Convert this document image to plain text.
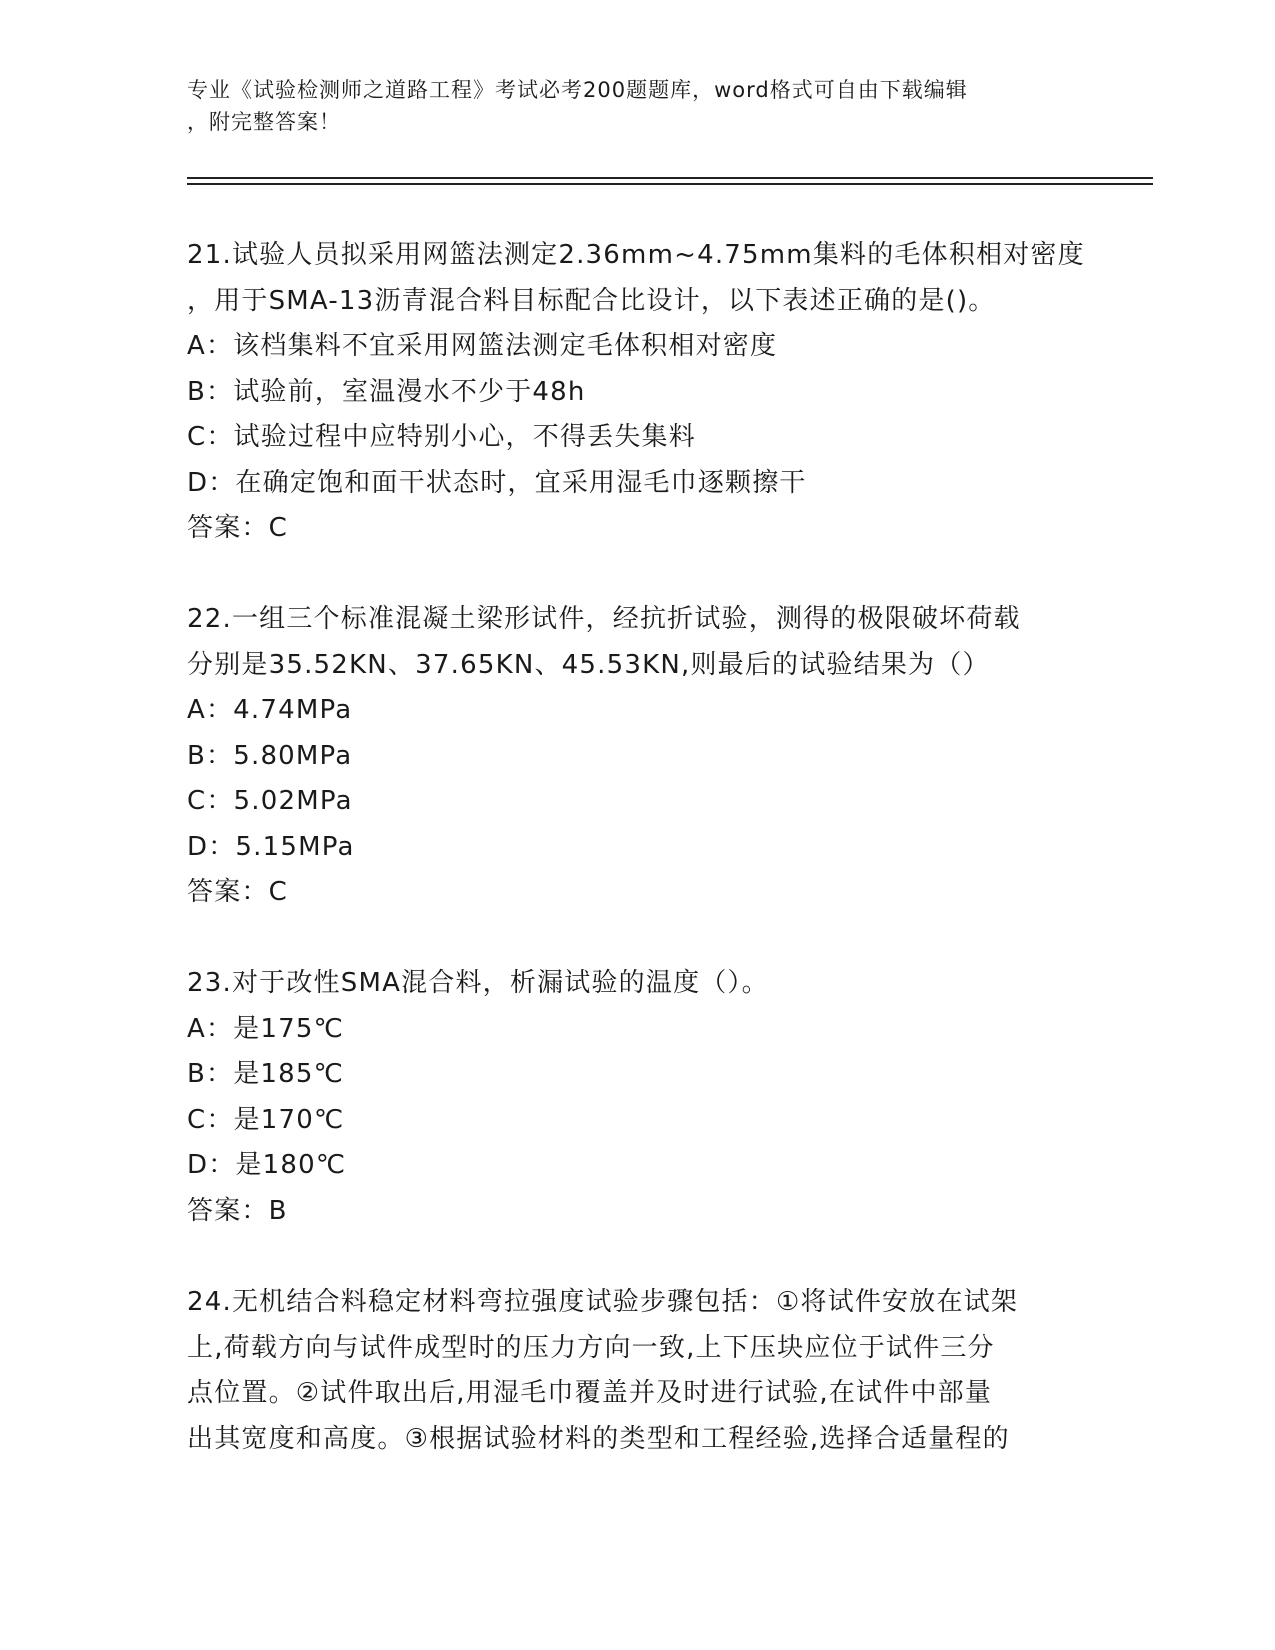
专业《试验检测师之道路工程》考试必考200题题库，word格式可自由下载编辑
，附完整答案！
21.试验人员拟采用网篮法测定2.36mm~4.75mm集料的毛体积相对密度
，用于SMA-13沥青混合料目标配合比设计，以下表述正确的是()。
A：该档集料不宜采用网篮法测定毛体积相对密度
B：试验前，室温漫水不少于48h
C：试验过程中应特别小心，不得丢失集料
D：在确定饱和面干状态时，宜采用湿毛巾逐颗擦干
答案：C
22.一组三个标准混凝土梁形试件，经抗折试验，测得的极限破坏荷载
分别是35.52KN、37.65KN、45.53KN,则最后的试验结果为（）
A：4.74MPa
B：5.80MPa
C：5.02MPa
D：5.15MPa
答案：C
23.对于改性SMA混合料，析漏试验的温度（）。
A：是175℃
B：是185℃
C：是170℃
D：是180℃
答案：B
24.无机结合料稳定材料弯拉强度试验步骤包括：①将试件安放在试架
上,荷载方向与试件成型时的压力方向一致,上下压块应位于试件三分
点位置。②试件取出后,用湿毛巾覆盖并及时进行试验,在试件中部量
出其宽度和高度。③根据试验材料的类型和工程经验,选择合适量程的
